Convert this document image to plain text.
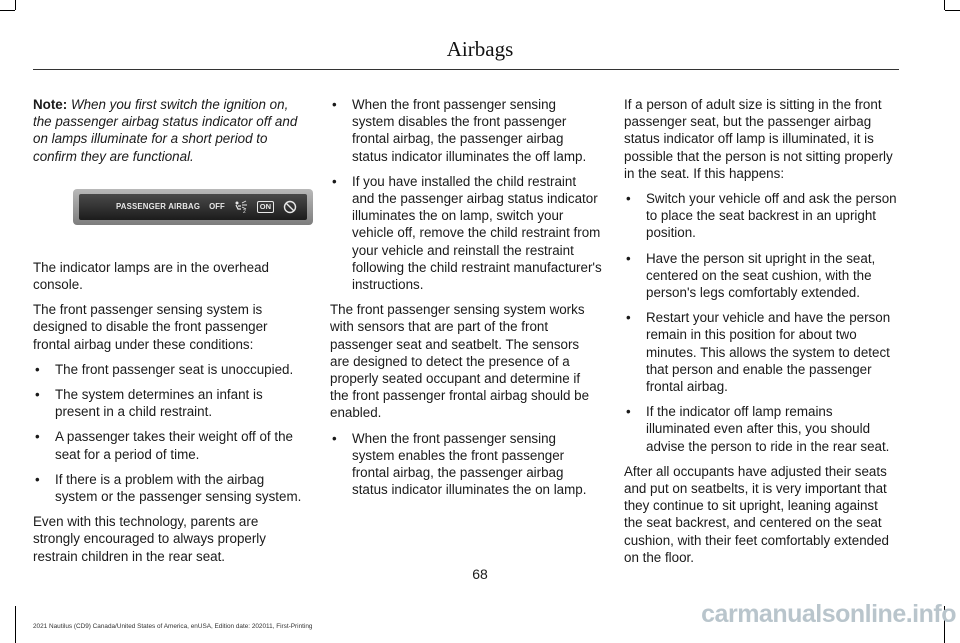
Airbags

Note: When you first switch the ignition on, the passenger airbag status indicator off and on lamps illuminate for a short period to confirm they are functional.

PASSENGER AIRBAG OFF
2
ON

The indicator lamps are in the overhead console.

The front passenger sensing system is designed to disable the front passenger frontal airbag under these conditions:

• The front passenger seat is unoccupied.
• The system determines an infant is present in a child restraint.
• A passenger takes their weight off of the seat for a period of time.
• If there is a problem with the airbag system or the passenger sensing system.

Even with this technology, parents are strongly encouraged to always properly restrain children in the rear seat.

• When the front passenger sensing system disables the front passenger frontal airbag, the passenger airbag status indicator illuminates the off lamp.
• If you have installed the child restraint and the passenger airbag status indicator illuminates the on lamp, switch your vehicle off, remove the child restraint from your vehicle and reinstall the restraint following the child restraint manufacturer's instructions.

The front passenger sensing system works with sensors that are part of the front passenger seat and seatbelt. The sensors are designed to detect the presence of a properly seated occupant and determine if the front passenger frontal airbag should be enabled.

• When the front passenger sensing system enables the front passenger frontal airbag, the passenger airbag status indicator illuminates the on lamp.

If a person of adult size is sitting in the front passenger seat, but the passenger airbag status indicator off lamp is illuminated, it is possible that the person is not sitting properly in the seat. If this happens:

• Switch your vehicle off and ask the person to place the seat backrest in an upright position.
• Have the person sit upright in the seat, centered on the seat cushion, with the person's legs comfortably extended.
• Restart your vehicle and have the person remain in this position for about two minutes. This allows the system to detect that person and enable the passenger frontal airbag.
• If the indicator off lamp remains illuminated even after this, you should advise the person to ride in the rear seat.

After all occupants have adjusted their seats and put on seatbelts, it is very important that they continue to sit upright, leaning against the seat backrest, and centered on the seat cushion, with their feet comfortably extended on the floor.

68
2021 Nautilus (CD9) Canada/United States of America, enUSA, Edition date: 202011, First-Printing	carmanualsonline.info
